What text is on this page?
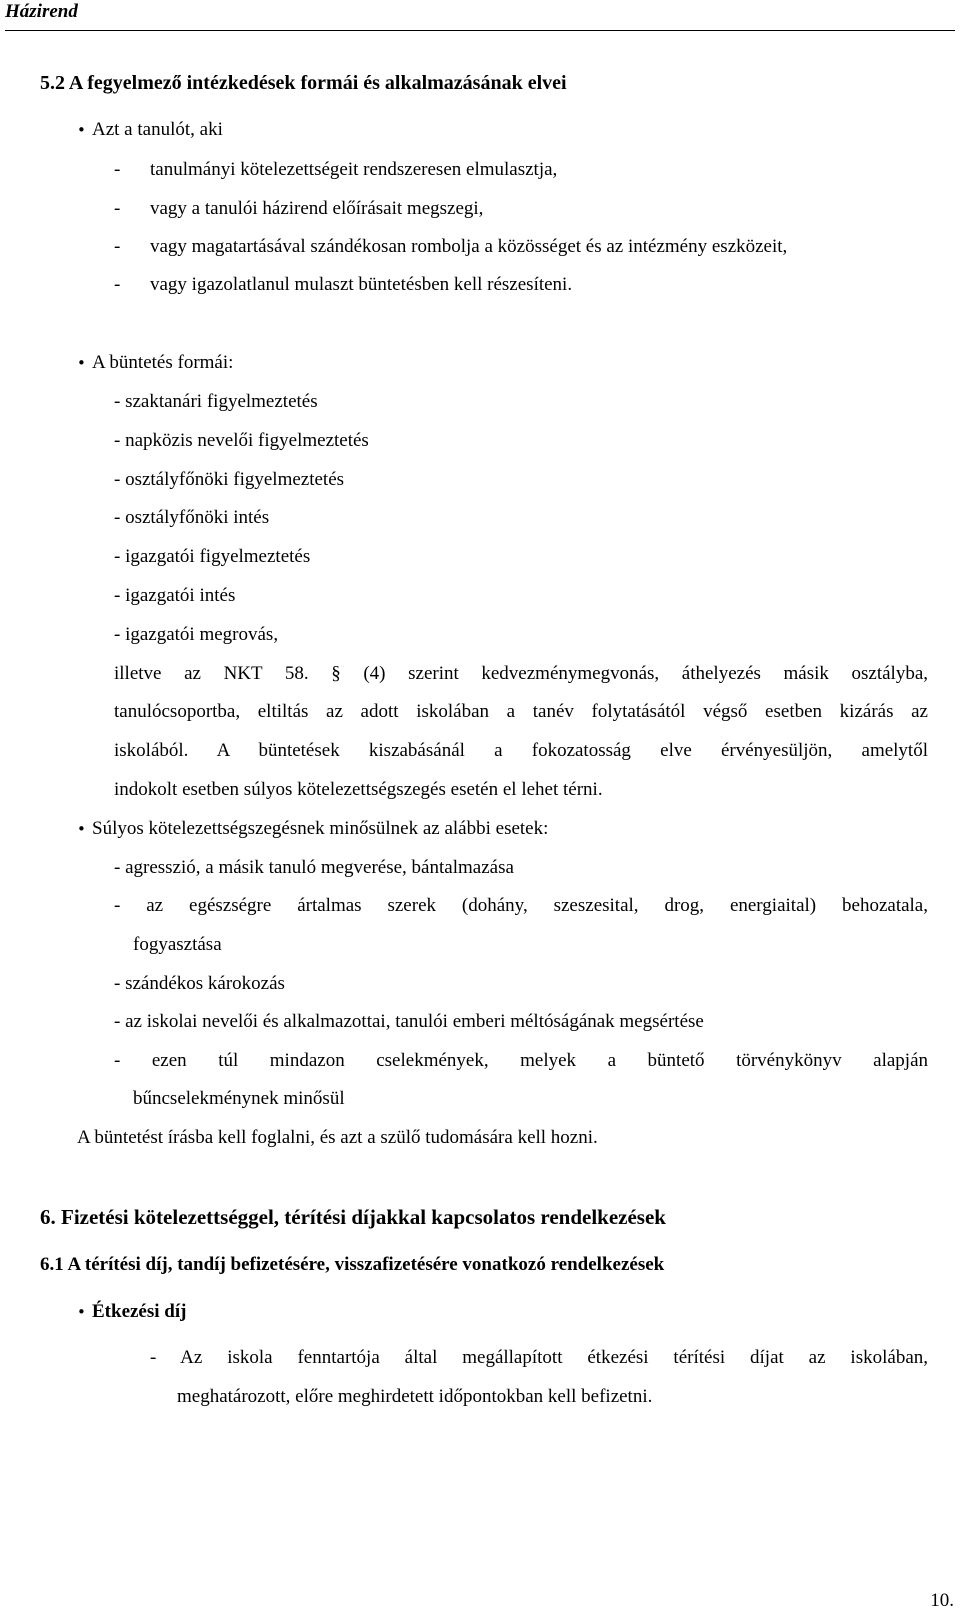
Házirend
5.2 A fegyelmező intézkedések formái és alkalmazásának elvei
• Azt a tanulót, aki
- tanulmányi kötelezettségeit rendszeresen elmulasztja,
- vagy a tanulói házirend előírásait megszegi,
- vagy magatartásával szándékosan rombolja a közösséget és az intézmény eszközeit,
- vagy igazolatlanul mulaszt büntetésben kell részesíteni.
• A büntetés formái:
- szaktanári figyelmeztetés
- napközis nevelői figyelmeztetés
- osztályfőnöki figyelmeztetés
- osztályfőnöki intés
- igazgatói figyelmeztetés
- igazgatói intés
- igazgatói megrovás,
illetve az NKT 58. § (4) szerint kedvezménymegvonás, áthelyezés másik osztályba,
tanulócsoportba, eltiltás az adott iskolában a tanév folytatásától végső esetben kizárás az
iskolából. A büntetések kiszabásánál a fokozatosság elve érvényesüljön, amelytől
indokolt esetben súlyos kötelezettségszegés esetén el lehet térni.
• Súlyos kötelezettségszegésnek minősülnek az alábbi esetek:
- agresszió, a másik tanuló megverése, bántalmazása
- az egészségre ártalmas szerek (dohány, szeszesital, drog, energiaital) behozatala,
fogyasztása
- szándékos károkozás
- az iskolai nevelői és alkalmazottai, tanulói emberi méltóságának megsértése
- ezen túl mindazon cselekmények, melyek a büntető törvénykönyv alapján
bűncselekménynek minősül
A büntetést írásba kell foglalni, és azt a szülő tudomására kell hozni.
6. Fizetési kötelezettséggel, térítési díjakkal kapcsolatos rendelkezések
6.1 A térítési díj, tandíj befizetésére, visszafizetésére vonatkozó rendelkezések
• Étkezési díj
- Az iskola fenntartója által megállapított étkezési térítési díjat az iskolában,
meghatározott, előre meghirdetett időpontokban kell befizetni.
10.
